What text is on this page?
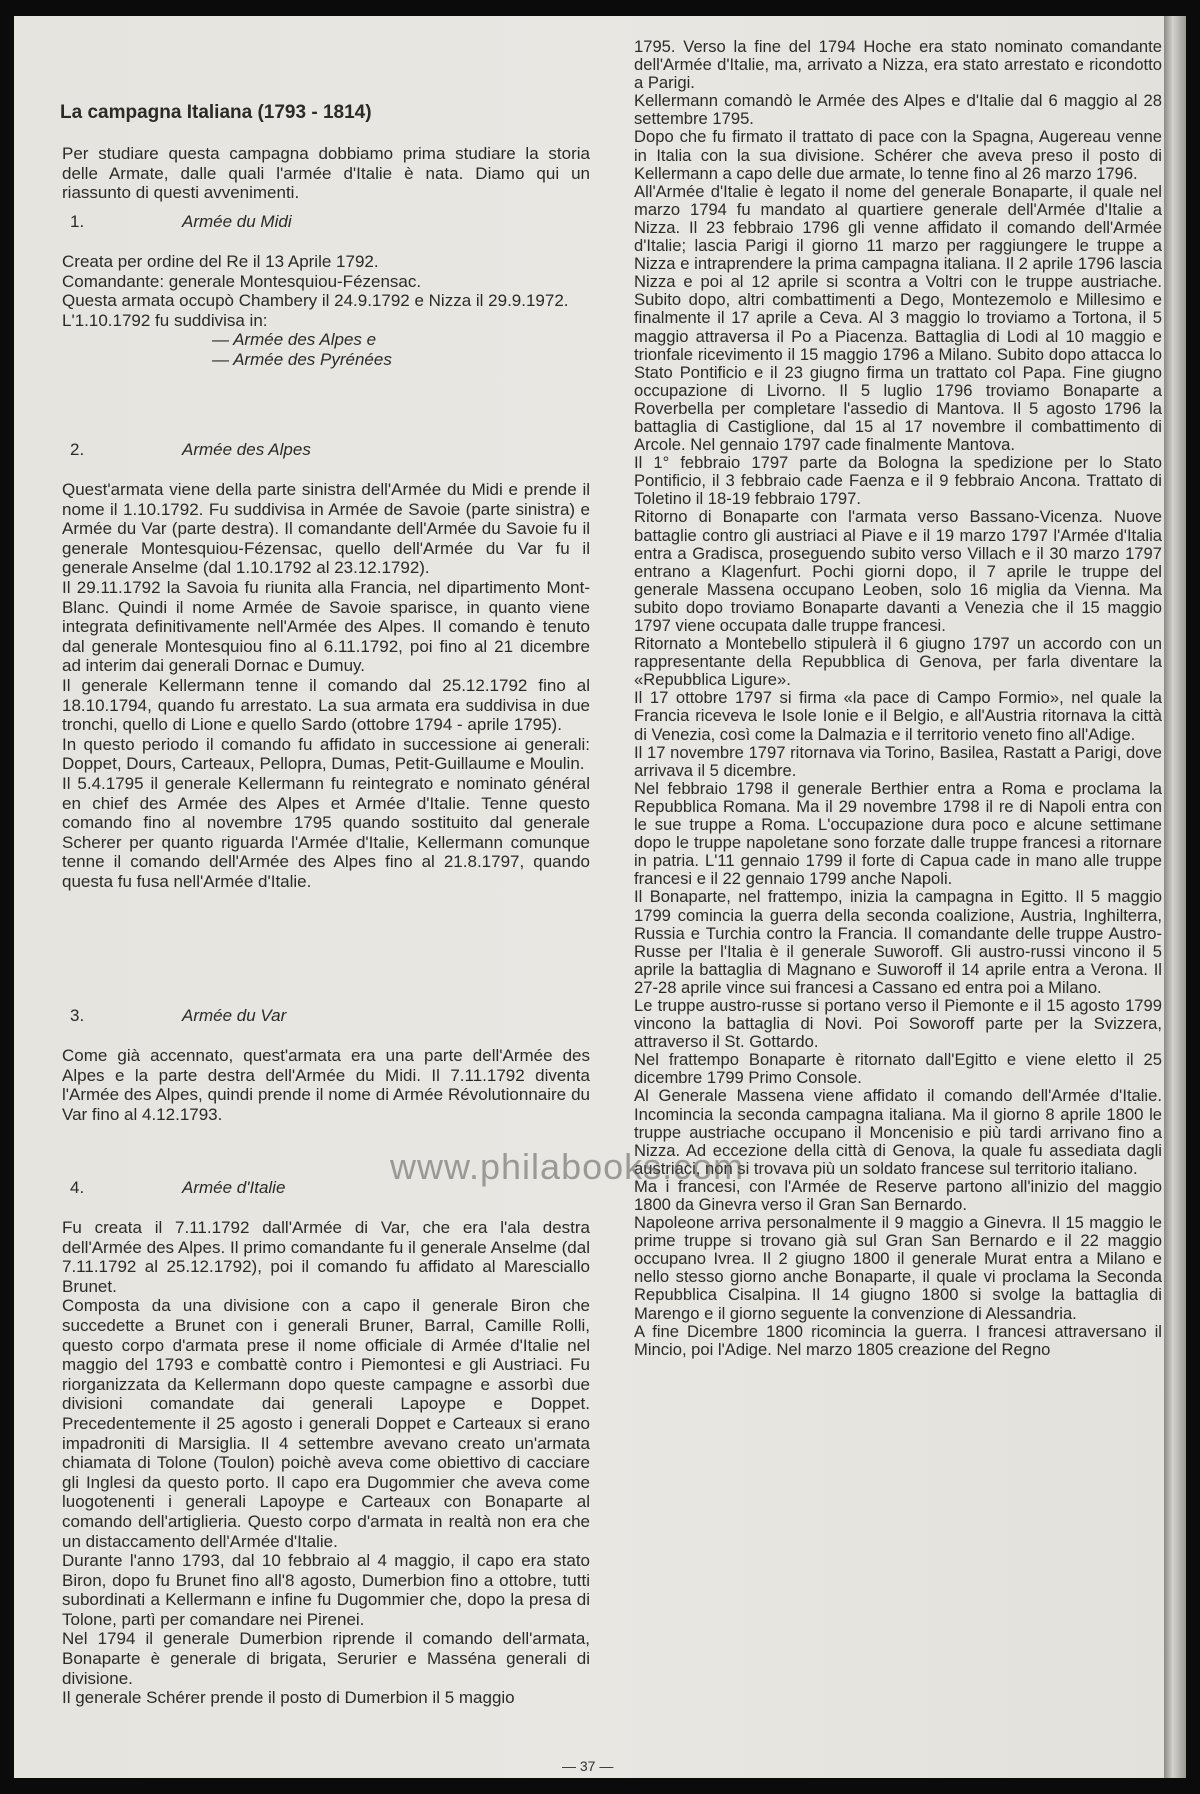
La campagna Italiana (1793 - 1814)

Per studiare questa campagna dobbiamo prima studiare la storia delle Armate, dalle quali l'armée d'Italie è nata. Diamo qui un riassunto di questi avvenimenti.

1.	Armée du Midi

Creata per ordine del Re il 13 Aprile 1792.

Comandante: generale Montesquiou-Fézensac.

Questa armata occupò Chambery il 24.9.1792 e Nizza il 29.9.1972.

L'1.10.1792 fu suddivisa in:

— Armée des Alpes e

— Armée des Pyrénées

2.	Armée des Alpes

Quest'armata viene della parte sinistra dell'Armée du Midi e prende il nome il 1.10.1792. Fu suddivisa in Armée de Savoie (parte sinistra) e Armée du Var (parte destra). Il comandante dell'Armée du Savoie fu il generale Montesquiou-Fézensac, quello dell'Armée du Var fu il generale Anselme (dal 1.10.1792 al 23.12.1792).

Il 29.11.1792 la Savoia fu riunita alla Francia, nel dipartimento Mont-Blanc. Quindi il nome Armée de Savoie sparisce, in quanto viene integrata definitivamente nell'Armée des Alpes. Il comando è tenuto dal generale Montesquiou fino al 6.11.1792, poi fino al 21 dicembre ad interim dai generali Dornac e Dumuy.

Il generale Kellermann tenne il comando dal 25.12.1792 fino al 18.10.1794, quando fu arrestato. La sua armata era suddivisa in due tronchi, quello di Lione e quello Sardo (ottobre 1794 - aprile 1795).

In questo periodo il comando fu affidato in successione ai generali: Doppet, Dours, Carteaux, Pellopra, Dumas, Petit-Guillaume e Moulin.

Il 5.4.1795 il generale Kellermann fu reintegrato e nominato général en chief des Armée des Alpes et Armée d'Italie. Tenne questo comando fino al novembre 1795 quando sostituito dal generale Scherer per quanto riguarda l'Armée d'Italie, Kellermann comunque tenne il comando dell'Armée des Alpes fino al 21.8.1797, quando questa fu fusa nell'Armée d'Italie.

3.	Armée du Var

Come già accennato, quest'armata era una parte dell'Armée des Alpes e la parte destra dell'Armée du Midi. Il 7.11.1792 diventa l'Armée des Alpes, quindi prende il nome di Armée Révolutionnaire du Var fino al 4.12.1793.

4.	Armée d'Italie

Fu creata il 7.11.1792 dall'Armée di Var, che era l'ala destra dell'Armée des Alpes. Il primo comandante fu il generale Anselme (dal 7.11.1792 al 25.12.1792), poi il comando fu affidato al Maresciallo Brunet.

Composta da una divisione con a capo il generale Biron che succedette a Brunet con i generali Bruner, Barral, Camille Rolli, questo corpo d'armata prese il nome officiale di Armée d'Italie nel maggio del 1793 e combattè contro i Piemontesi e gli Austriaci. Fu riorganizzata da Kellermann dopo queste campagne e assorbì due divisioni comandate dai generali Lapoype e Doppet. Precedentemente il 25 agosto i generali Doppet e Carteaux si erano impadroniti di Marsiglia. Il 4 settembre avevano creato un'armata chiamata di Tolone (Toulon) poichè aveva come obiettivo di cacciare gli Inglesi da questo porto. Il capo era Dugommier che aveva come luogotenenti i generali Lapoype e Carteaux con Bonaparte al comando dell'artiglieria. Questo corpo d'armata in realtà non era che un distaccamento dell'Armée d'Italie.

Durante l'anno 1793, dal 10 febbraio al 4 maggio, il capo era stato Biron, dopo fu Brunet fino all'8 agosto, Dumerbion fino a ottobre, tutti subordinati a Kellermann e infine fu Dugommier che, dopo la presa di Tolone, partì per comandare nei Pirenei.

Nel 1794 il generale Dumerbion riprende il comando dell'armata, Bonaparte è generale di brigata, Serurier e Masséna generali di divisione.

Il generale Schérer prende il posto di Dumerbion il 5 maggio

1795. Verso la fine del 1794 Hoche era stato nominato comandante dell'Armée d'Italie, ma, arrivato a Nizza, era stato arrestato e ricondotto a Parigi.

Kellermann comandò le Armée des Alpes e d'Italie dal 6 maggio al 28 settembre 1795.

Dopo che fu firmato il trattato di pace con la Spagna, Augereau venne in Italia con la sua divisione. Schérer che aveva preso il posto di Kellermann a capo delle due armate, lo tenne fino al 26 marzo 1796.

All'Armée d'Italie è legato il nome del generale Bonaparte, il quale nel marzo 1794 fu mandato al quartiere generale dell'Armée d'Italie a Nizza. Il 23 febbraio 1796 gli venne affidato il comando dell'Armée d'Italie; lascia Parigi il giorno 11 marzo per raggiungere le truppe a Nizza e intraprendere la prima campagna italiana. Il 2 aprile 1796 lascia Nizza e poi al 12 aprile si scontra a Voltri con le truppe austriache. Subito dopo, altri combattimenti a Dego, Montezemolo e Millesimo e finalmente il 17 aprile a Ceva. Al 3 maggio lo troviamo a Tortona, il 5 maggio attraversa il Po a Piacenza. Battaglia di Lodi al 10 maggio e trionfale ricevimento il 15 maggio 1796 a Milano. Subito dopo attacca lo Stato Pontificio e il 23 giugno firma un trattato col Papa. Fine giugno occupazione di Livorno. Il 5 luglio 1796 troviamo Bonaparte a Roverbella per completare l'assedio di Mantova. Il 5 agosto 1796 la battaglia di Castiglione, dal 15 al 17 novembre il combattimento di Arcole. Nel gennaio 1797 cade finalmente Mantova.

Il 1° febbraio 1797 parte da Bologna la spedizione per lo Stato Pontificio, il 3 febbraio cade Faenza e il 9 febbraio Ancona. Trattato di Toletino il 18-19 febbraio 1797.

Ritorno di Bonaparte con l'armata verso Bassano-Vicenza. Nuove battaglie contro gli austriaci al Piave e il 19 marzo 1797 l'Armée d'Italia entra a Gradisca, proseguendo subito verso Villach e il 30 marzo 1797 entrano a Klagenfurt. Pochi giorni dopo, il 7 aprile le truppe del generale Massena occupano Leoben, solo 16 miglia da Vienna. Ma subito dopo troviamo Bonaparte davanti a Venezia che il 15 maggio 1797 viene occupata dalle truppe francesi.

Ritornato a Montebello stipulerà il 6 giugno 1797 un accordo con un rappresentante della Repubblica di Genova, per farla diventare la «Repubblica Ligure».

Il 17 ottobre 1797 si firma «la pace di Campo Formio», nel quale la Francia riceveva le Isole Ionie e il Belgio, e all'Austria ritornava la città di Venezia, così come la Dalmazia e il territorio veneto fino all'Adige.

Il 17 novembre 1797 ritornava via Torino, Basilea, Rastatt a Parigi, dove arrivava il 5 dicembre.

Nel febbraio 1798 il generale Berthier entra a Roma e proclama la Repubblica Romana. Ma il 29 novembre 1798 il re di Napoli entra con le sue truppe a Roma. L'occupazione dura poco e alcune settimane dopo le truppe napoletane sono forzate dalle truppe francesi a ritornare in patria. L'11 gennaio 1799 il forte di Capua cade in mano alle truppe francesi e il 22 gennaio 1799 anche Napoli.

Il Bonaparte, nel frattempo, inizia la campagna in Egitto. Il 5 maggio 1799 comincia la guerra della seconda coalizione, Austria, Inghilterra, Russia e Turchia contro la Francia. Il comandante delle truppe Austro-Russe per l'Italia è il generale Suworoff. Gli austro-russi vincono il 5 aprile la battaglia di Magnano e Suworoff il 14 aprile entra a Verona. Il 27-28 aprile vince sui francesi a Cassano ed entra poi a Milano.

Le truppe austro-russe si portano verso il Piemonte e il 15 agosto 1799 vincono la battaglia di Novi. Poi Soworoff parte per la Svizzera, attraverso il St. Gottardo.

Nel frattempo Bonaparte è ritornato dall'Egitto e viene eletto il 25 dicembre 1799 Primo Console.

Al Generale Massena viene affidato il comando dell'Armée d'Italie. Incomincia la seconda campagna italiana. Ma il giorno 8 aprile 1800 le truppe austriache occupano il Moncenisio e più tardi arrivano fino a Nizza. Ad eccezione della città di Genova, la quale fu assediata dagli austriaci, non si trovava più un soldato francese sul territorio italiano.

Ma i francesi, con l'Armée de Reserve partono all'inizio del maggio 1800 da Ginevra verso il Gran San Bernardo.

Napoleone arriva personalmente il 9 maggio a Ginevra. Il 15 maggio le prime truppe si trovano già sul Gran San Bernardo e il 22 maggio occupano Ivrea. Il 2 giugno 1800 il generale Murat entra a Milano e nello stesso giorno anche Bonaparte, il quale vi proclama la Seconda Repubblica Cisalpina. Il 14 giugno 1800 si svolge la battaglia di Marengo e il giorno seguente la convenzione di Alessandria.

A fine Dicembre 1800 ricomincia la guerra. I francesi attraversano il Mincio, poi l'Adige. Nel marzo 1805 creazione del Regno

— 37 —
www.philabooks.com
